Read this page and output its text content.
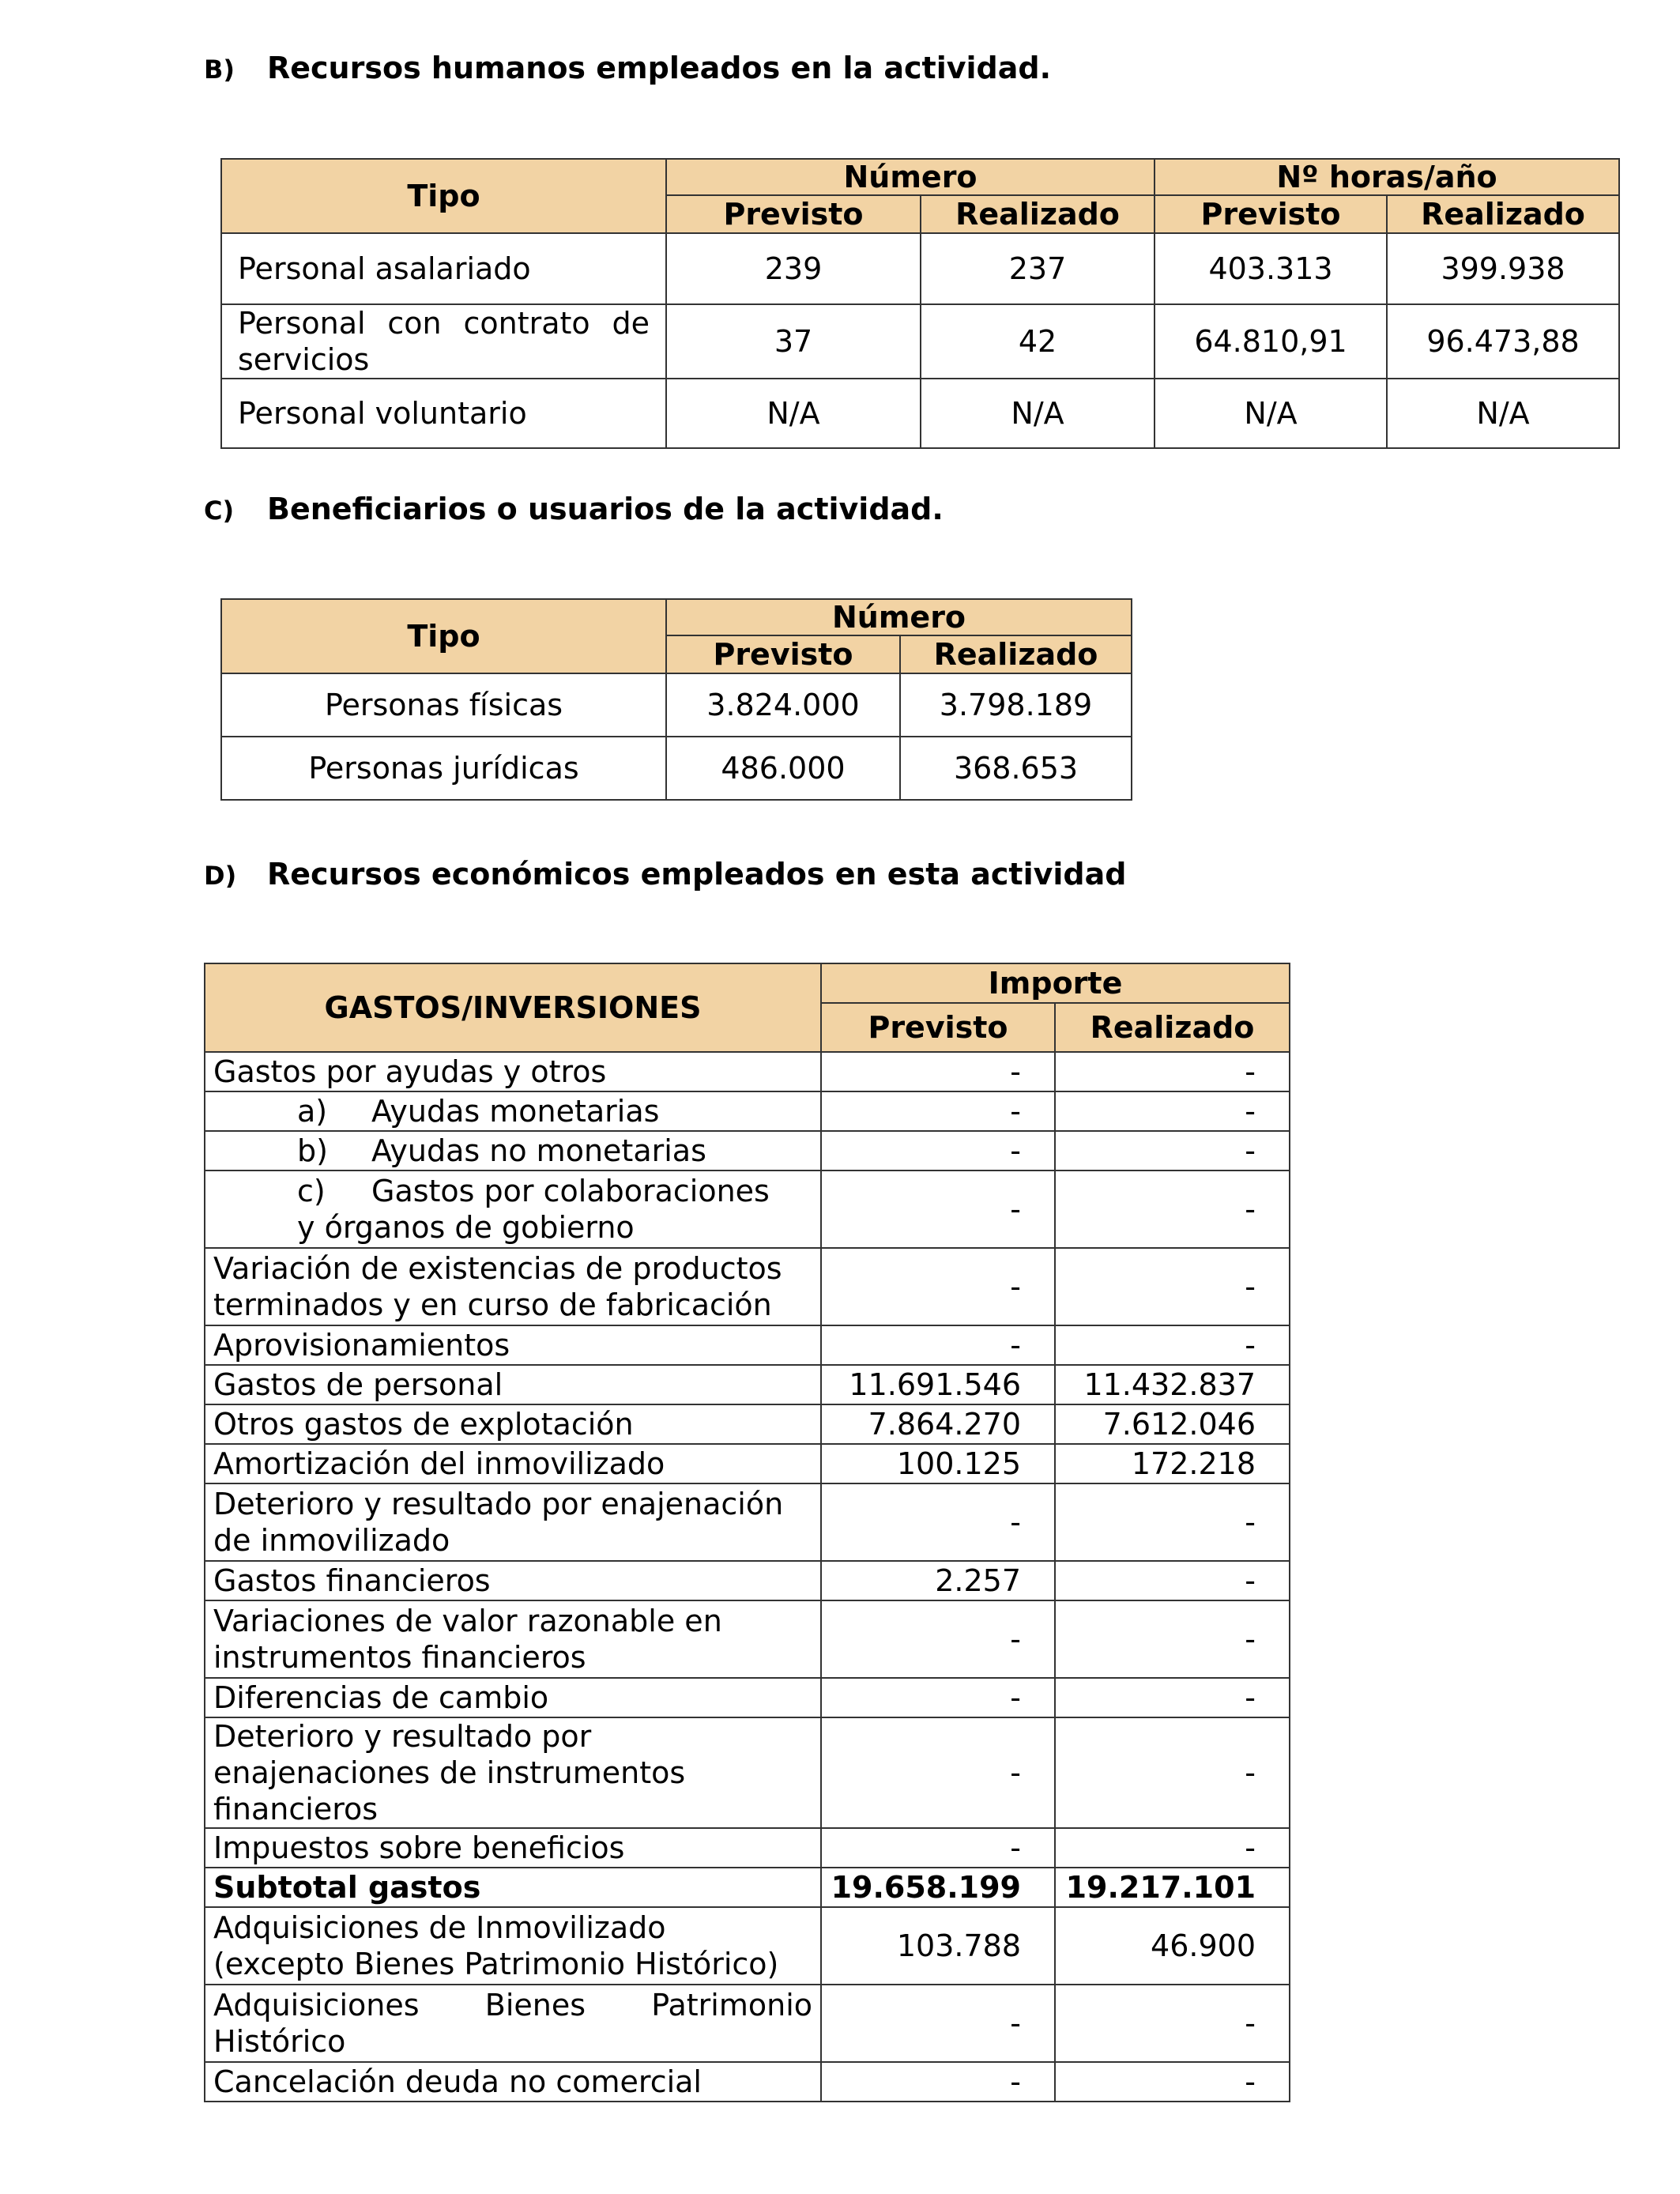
B) Recursos humanos empleados en la actividad.
Tipo	Número		Nº horas/año	
	Previsto	Realizado	Previsto	Realizado
Personal asalariado	239	237	403.313	399.938
Personal con contrato de servicios	37	42	64.810,91	96.473,88
Personal voluntario	N/A	N/A	N/A	N/A
C) Beneficiarios o usuarios de la actividad.
Tipo	Número	
	Previsto	Realizado
Personas físicas	3.824.000	3.798.189
Personas jurídicas	486.000	368.653
D) Recursos económicos empleados en esta actividad
GASTOS/INVERSIONES	Importe	
	Previsto	Realizado
Gastos por ayudas y otros	-	-
a) Ayudas monetarias	-	-
b) Ayudas no monetarias	-	-
c) Gastos por colaboraciones
y órganos de gobierno	-	-
Variación de existencias de productos
terminados y en curso de fabricación	-	-
Aprovisionamientos	-	-
Gastos de personal	11.691.546	11.432.837
Otros gastos de explotación	7.864.270	7.612.046
Amortización del inmovilizado	100.125	172.218
Deterioro y resultado por enajenación
de inmovilizado	-	-
Gastos financieros	2.257	-
Variaciones de valor razonable en
instrumentos financieros	-	-
Diferencias de cambio	-	-
Deterioro y resultado por
enajenaciones de instrumentos
financieros	-	-
Impuestos sobre beneficios	-	-
Subtotal gastos	19.658.199	19.217.101
Adquisiciones de Inmovilizado
(excepto Bienes Patrimonio Histórico)	103.788	46.900
Adquisiciones Bienes Patrimonio Histórico	-	-
Cancelación deuda no comercial	-	-
